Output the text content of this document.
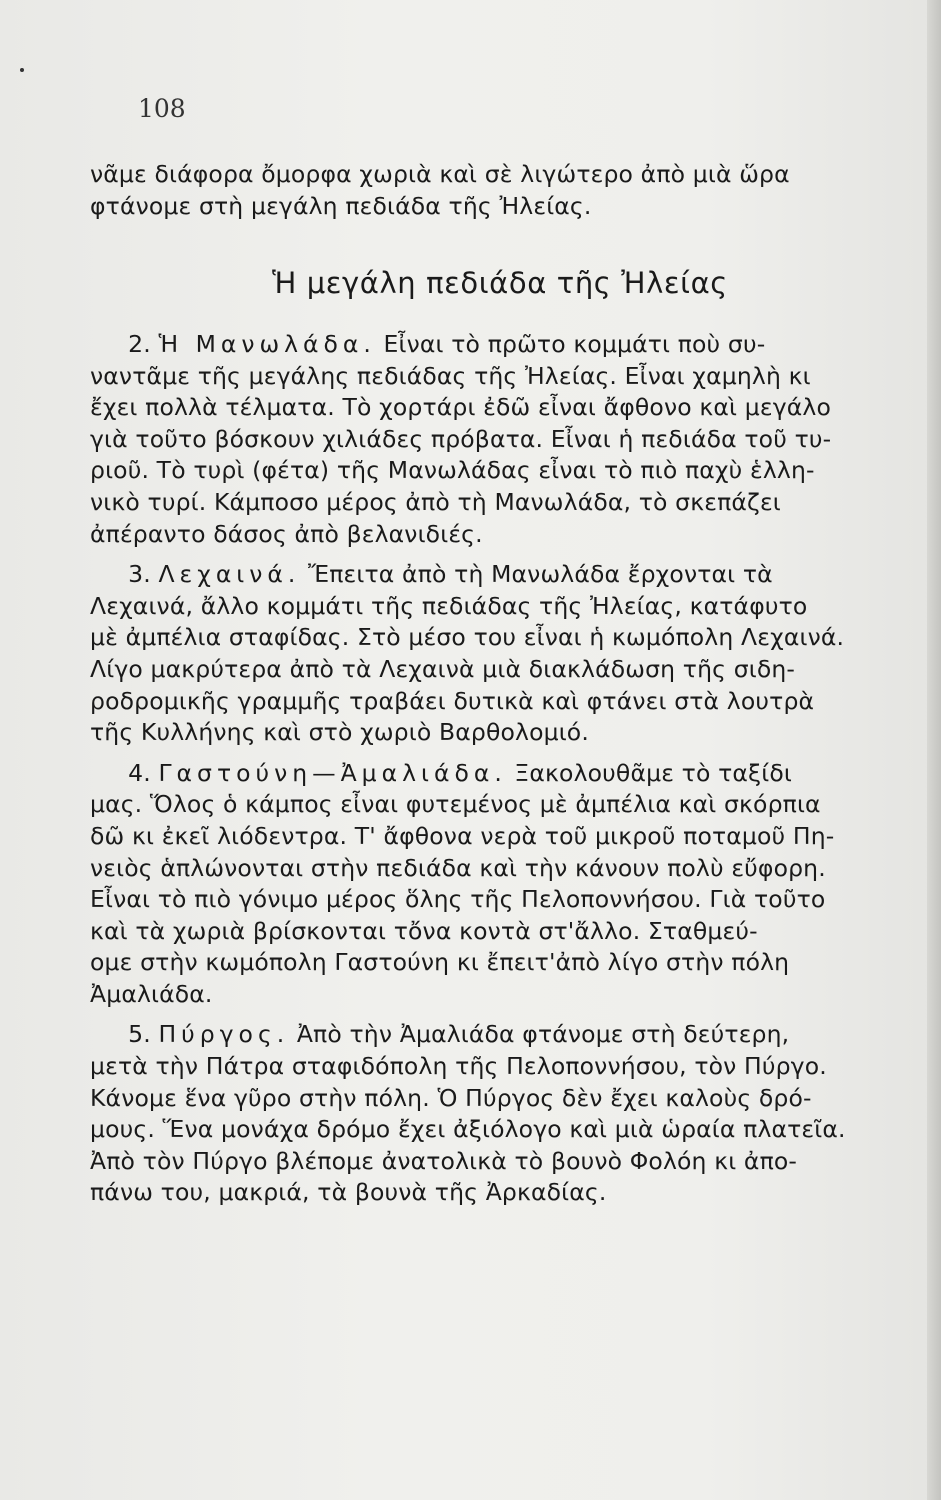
108
νᾶμε διάφορα ὄμορφα χωριὰ καὶ σὲ λιγώτερο ἀπὸ μιὰ ὥρα
φτάνομε στὴ μεγάλη πεδιάδα τῆς Ἠλείας.
Ἡ μεγάλη πεδιάδα τῆς Ἠλείας
2. Ἡ Μανωλάδα. Εἶναι τὸ πρῶτο κομμάτι ποὺ συ-
ναντᾶμε τῆς μεγάλης πεδιάδας τῆς Ἠλείας. Εἶναι χαμηλὴ κι
ἔχει πολλὰ τέλματα. Τὸ χορτάρι ἐδῶ εἶναι ἄφθονο καὶ μεγάλο
γιὰ τοῦτο βόσκουν χιλιάδες πρόβατα. Εἶναι ἡ πεδιάδα τοῦ τυ-
ριοῦ. Τὸ τυρὶ (φέτα) τῆς Μανωλάδας εἶναι τὸ πιὸ παχὺ ἑλλη-
νικὸ τυρί. Κάμποσο μέρος ἀπὸ τὴ Μανωλάδα, τὸ σκεπάζει
ἀπέραντο δάσος ἀπὸ βελανιδιές.
3. Λεχαινά. Ἔπειτα ἀπὸ τὴ Μανωλάδα ἔρχονται τὰ
Λεχαινά, ἄλλο κομμάτι τῆς πεδιάδας τῆς Ἠλείας, κατάφυτο
μὲ ἀμπέλια σταφίδας. Στὸ μέσο του εἶναι ἡ κωμόπολη Λεχαινά.
Λίγο μακρύτερα ἀπὸ τὰ Λεχαινὰ μιὰ διακλάδωση τῆς σιδη-
ροδρομικῆς γραμμῆς τραβάει δυτικὰ καὶ φτάνει στὰ λουτρὰ
τῆς Κυλλήνης καὶ στὸ χωριὸ Βαρθολομιό.
4. Γαστούνη—Ἀμαλιάδα. Ξακολουθᾶμε τὸ ταξίδι
μας. Ὅλος ὁ κάμπος εἶναι φυτεμένος μὲ ἀμπέλια καὶ σκόρπια
δῶ κι ἐκεῖ λιόδεντρα. Τ' ἄφθονα νερὰ τοῦ μικροῦ ποταμοῦ Πη-
νειὸς ἁπλώνονται στὴν πεδιάδα καὶ τὴν κάνουν πολὺ εὔφορη.
Εἶναι τὸ πιὸ γόνιμο μέρος ὅλης τῆς Πελοποννήσου. Γιὰ τοῦτο
καὶ τὰ χωριὰ βρίσκονται τὄνα κοντὰ στ'ἄλλο. Σταθμεύ-
ομε στὴν κωμόπολη Γαστούνη κι ἔπειτ'ἀπὸ λίγο στὴν πόλη
Ἀμαλιάδα.
5. Πύργος. Ἀπὸ τὴν Ἀμαλιάδα φτάνομε στὴ δεύτερη,
μετὰ τὴν Πάτρα σταφιδόπολη τῆς Πελοποννήσου, τὸν Πύργο.
Κάνομε ἕνα γῦρο στὴν πόλη. Ὁ Πύργος δὲν ἔχει καλοὺς δρό-
μους. Ἕνα μονάχα δρόμο ἔχει ἀξιόλογο καὶ μιὰ ὡραία πλατεῖα.
Ἀπὸ τὸν Πύργο βλέπομε ἀνατολικὰ τὸ βουνὸ Φολόη κι ἀπο-
πάνω του, μακριά, τὰ βουνὰ τῆς Ἀρκαδίας.
